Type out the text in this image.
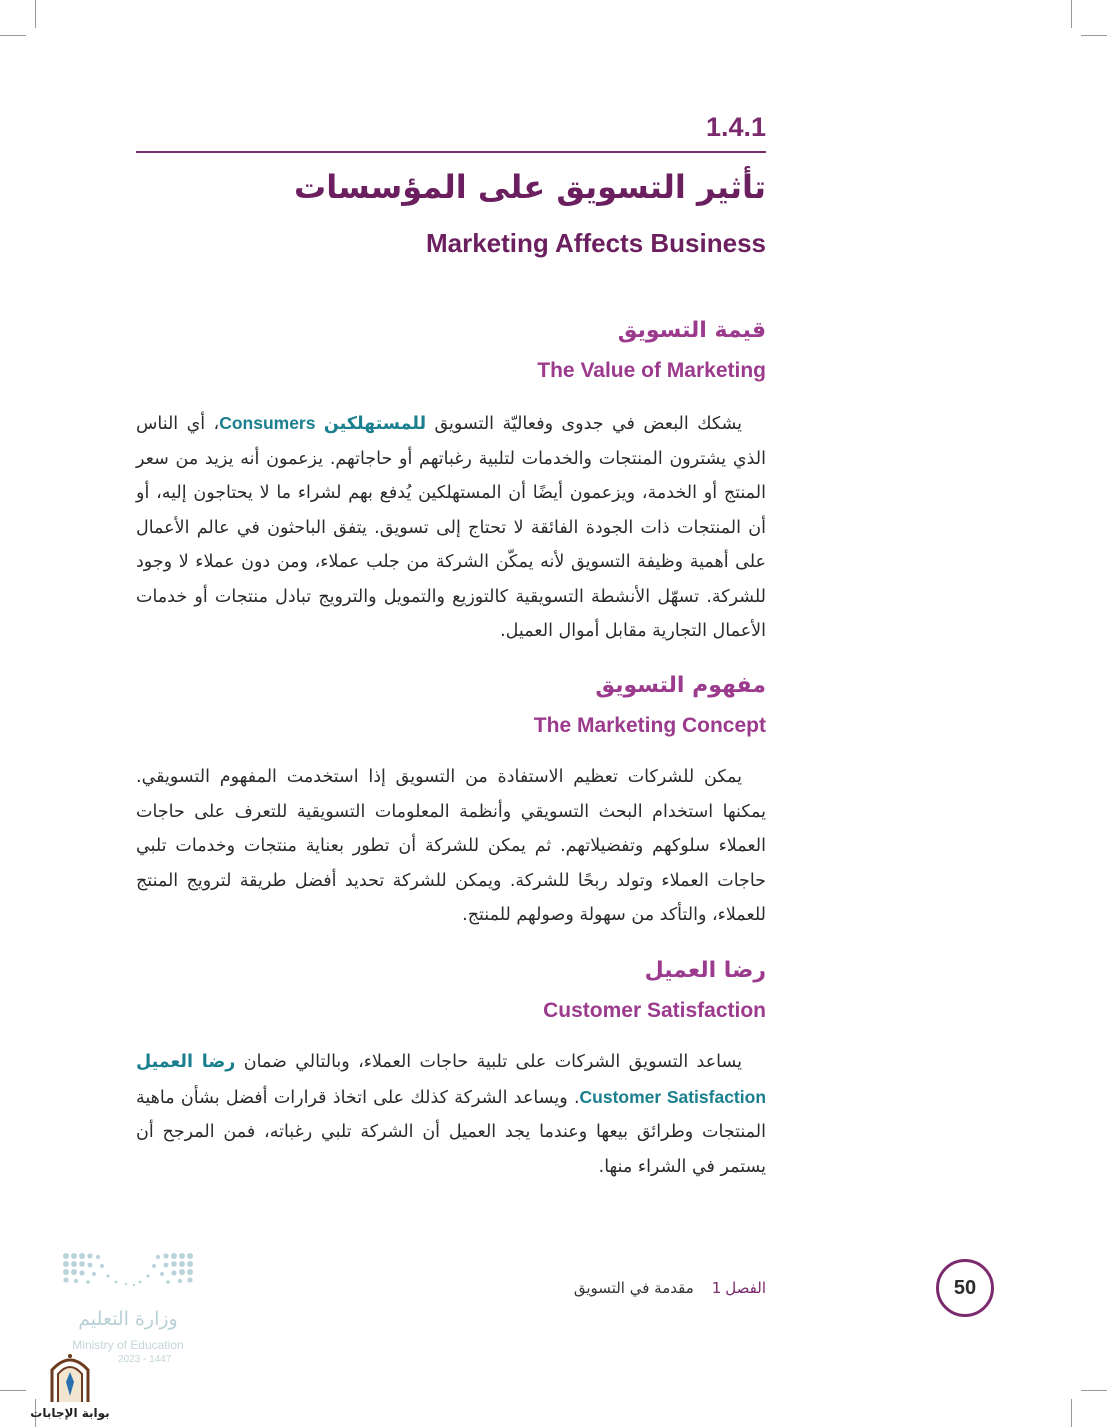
1.4.1
تأثير التسويق على المؤسسات
Marketing Affects Business
قيمة التسويق
The Value of Marketing

يشكك البعض في جدوى وفعاليّة التسويق للمستهلكين Consumers، أي الناس الذي يشترون المنتجات والخدمات لتلبية رغباتهم أو حاجاتهم. يزعمون أنه يزيد من سعر المنتج أو الخدمة، ويزعمون أيضًا أن المستهلكين يُدفع بهم لشراء ما لا يحتاجون إليه، أو أن المنتجات ذات الجودة الفائقة لا تحتاج إلى تسويق. يتفق الباحثون في عالم الأعمال على أهمية وظيفة التسويق لأنه يمكّن الشركة من جلب عملاء، ومن دون عملاء لا وجود للشركة. تسهّل الأنشطة التسويقية كالتوزيع والتمويل والترويج تبادل منتجات أو خدمات الأعمال التجارية مقابل أموال العميل.

مفهوم التسويق
The Marketing Concept

يمكن للشركات تعظيم الاستفادة من التسويق إذا استخدمت المفهوم التسويقي. يمكنها استخدام البحث التسويقي وأنظمة المعلومات التسويقية للتعرف على حاجات العملاء سلوكهم وتفضيلاتهم. ثم يمكن للشركة أن تطور بعناية منتجات وخدمات تلبي حاجات العملاء وتولد ربحًا للشركة. ويمكن للشركة تحديد أفضل طريقة لترويج المنتج للعملاء، والتأكد من سهولة وصولهم للمنتج.

رضا العميل
Customer Satisfaction

يساعد التسويق الشركات على تلبية حاجات العملاء، وبالتالي ضمان رضا العميل Customer Satisfaction. ويساعد الشركة كذلك على اتخاذ قرارات أفضل بشأن ماهية المنتجات وطرائق بيعها وعندما يجد العميل أن الشركة تلبي رغباته، فمن المرجح أن يستمر في الشراء منها.

50
الفصل1مقدمة في التسويق
وزارة التعليم
Ministry of Education
2023 - 1447
بوابة الإجابات
